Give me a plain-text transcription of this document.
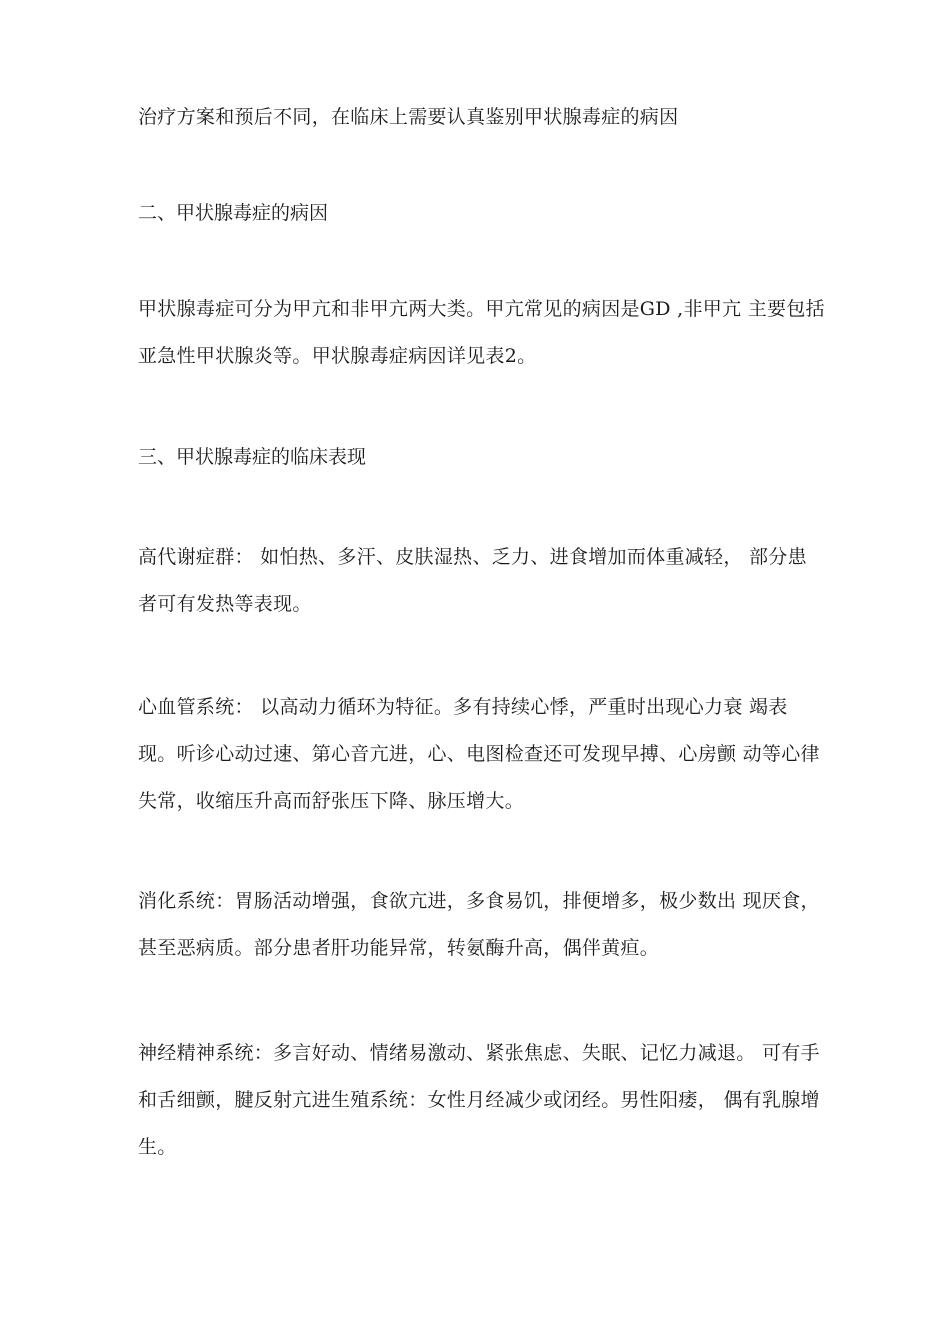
治疗方案和预后不同，在临床上需要认真鉴别甲状腺毒症的病因

二、甲状腺毒症的病因

甲状腺毒症可分为甲亢和非甲亢两大类。甲亢常见的病因是GD ,非甲亢 主要包括
亚急性甲状腺炎等。甲状腺毒症病因详见表2。

三、甲状腺毒症的临床表现

高代谢症群： 如怕热、多汗、皮肤湿热、乏力、进食增加而体重减轻， 部分患
者可有发热等表现。

心血管系统： 以高动力循环为特征。多有持续心悸，严重时出现心力衰 竭表
现。听诊心动过速、第心音亢进，心、电图检查还可发现早搏、心房颤 动等心律
失常，收缩压升高而舒张压下降、脉压增大。

消化系统：胃肠活动增强，食欲亢进，多食易饥，排便增多，极少数出 现厌食，
甚至恶病质。部分患者肝功能异常，转氨酶升高，偶伴黄疸。

神经精神系统：多言好动、情绪易激动、紧张焦虑、失眠、记忆力减退。 可有手
和舌细颤，腱反射亢进生殖系统：女性月经减少或闭经。男性阳痿， 偶有乳腺增
生。
